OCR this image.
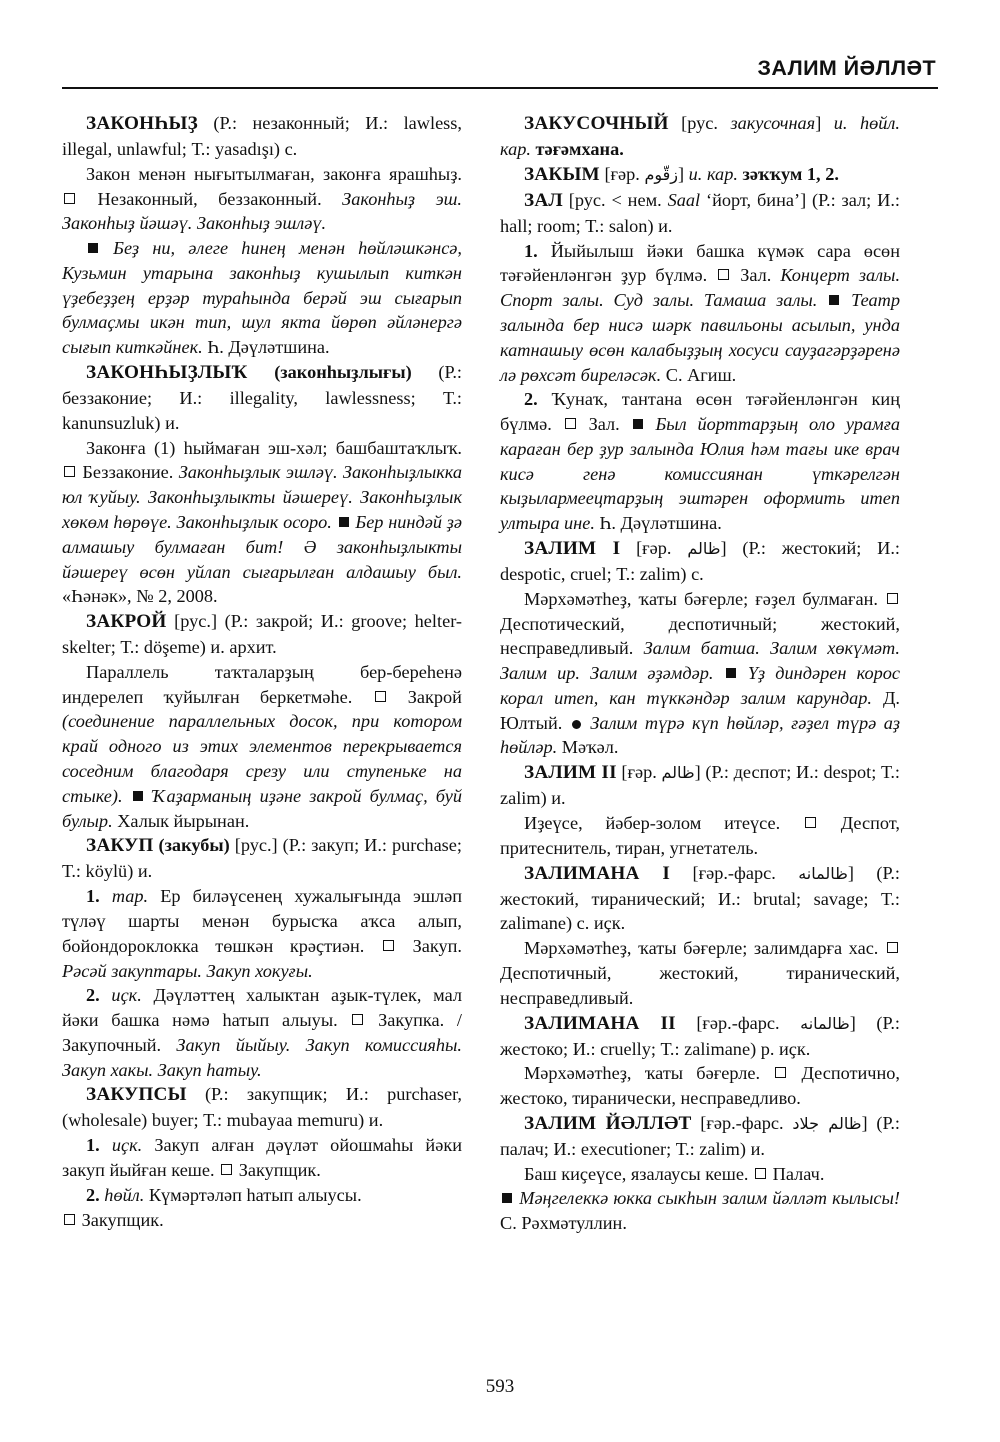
ЗАЛИМ ЙӘЛЛӘТ

ЗАКОНҺЫҘ (Р.: незаконный; И.: lawless, illegal, unlawful; Т.: yasadışı) с.

Закон менән нығытылмаған, законға ярашһыҙ.  Незаконный, беззаконный. Законһыҙ эш. Законһыҙ йәшәү. Законһыҙ эшләү.

Беҙ ни, әлеге һинең менән һөйләшкәнсә, Кузьмин утарына законһыҙ кушылып киткән үҙебеҙҙең ерҙәр тураһында берәй эш сығарып булмаҫмы икән тип, шул якта йөрөп әйләнергә сығып киткәйнек. Һ. Дәүләтшина.

ЗАКОНҺЫҘЛЫҠ (законһыҙлығы) (Р.: беззаконие; И.: illegality, lawlessness; Т.: kanunsuzluk) и.

Законға (1) һыймаған эш-хәл; башбаштаҡлыҡ.  Беззаконие. Законһыҙлык эшләү. Законһыҙлыкка юл ҡуйыу. Законһыҙлыкты йәшереү. Законһыҙлык хөкөм һөрөүе. Законһыҙлык осоро. Бер ниндәй ҙә алмашыу булмаған бит! Ә законһыҙлыкты йәшереү өсөн уйлап сығарылған алдашыу был. «Һәнәк», № 2, 2008.

ЗАКРОЙ [рус.] (Р.: закрой; И.: groove; helter-skelter; Т.: döşeme) и. архит.

Параллель таҡталарҙың бер-береһенә индерелеп ҡуйылған беркетмәһе.	Закрой (соединение параллельных досок, при котором край одного из этих элементов перекрывается соседним благодаря срезу или ступеньке на стыке). Ҡаҙарманың иҙәне закрой булмаҫ, буй булыр. Халык йырынан.

ЗАКУП (закубы) [рус.] (Р.: закуп; И.: purchase; Т.: köylü) и.

1. тар. Ер биләүсенең хужалығында эшләп түләү шарты менән бурысҡа аҡса алып, бойондороклокка төшкән крәҫтиән.	Закуп. Рәсәй закуптары. Закуп хокуғы.

2. иҫк. Дәүләттең халыктан аҙык-түлек, мал йәки башка нәмә һатып алыуы. Закупка. / Закупочный. Закуп йыйыу. Закуп комиссияһы. Закуп хакы. Закуп һатыу.

ЗАКУПСЫ (Р.: закупщик; И.: purchaser, (wholesale) buyer; Т.: mubayaa memuru) и.

1. иҫк. Закуп алған дәүләт ойошмаһы йәки закуп йыйған кеше. Закупщик.

2. һөйл. Күмәртәләп һатып алыусы.

Закупщик.

ЗАКУСОЧНЫЙ [рус. закусочная] и. һөйл. кар. тәғәмхана.

ЗАКЫМ [ғәр. زقّوم] и. кар. зәҡҡум 1, 2.

ЗАЛ [рус. < нем. Saal ‘йорт, бина’] (Р.: зал; И.: hall; room; Т.: salon) и.

1. Йыйылыш йәки башка күмәк сара өсөн тәғәйенләнгән ҙур бүлмә. Зал. Концерт залы. Спорт залы. Суд залы. Тамаша залы. Театр залында бер нисә шәрк павильоны асылып, унда катнашыу өсөн калабыҙҙың хосуси сауҙагәрҙәренә лә рөхсәт биреләсәк. С. Агиш.

2. Ҡунаҡ, тантана өсөн тәғәйенләнгән киң бүлмә. Зал. Был йорттарҙың оло урамға караған бер ҙур залында Юлия һәм тағы ике врач кисә генә комиссиянан үткәрелгән кыҙылармеецтарҙың эштәрен оформить итеп ултыра ине. Һ. Дәүләтшина.

ЗАЛИМ I [ғәр. ظالم] (Р.: жестокий; И.: despotic, cruel; Т.: zalim) с.

Мәрхәмәтһеҙ, ҡаты бәғерле; ғәҙел булмаған.  Деспотический, деспотичный; жестокий, несправедливый. Залим батша. Залим хөкүмәт. Залим ир. Залим әҙәмдәр. Үҙ диндәрен корос корал итеп, кан түккәндәр залим карундар. Д. Юлтый. Залим түрә күп һөйләр, ғәҙел түрә аҙ һөйләр. Мәҡәл.

ЗАЛИМ II [ғәр. ظالم] (Р.: деспот; И.: despot; Т.: zalim) и.

Иҙеүсе, йәбер-золом итеүсе.	Деспот, притеснитель, тиран, угнетатель.

ЗАЛИМАНА I [ғәр.-фарс. ظالمانه] (Р.: жестокий, тиранический; И.: brutal; savage; Т.: zalimane) с. иҫк.

Мәрхәмәтһеҙ, ҡаты бәғерле; залимдарға хас.  Деспотичный, жестокий, тиранический, несправедливый.

ЗАЛИМАНА II [ғәр.-фарс. ظالمانه] (Р.: жестоко; И.: cruelly; Т.: zalimane) р. иҫк.

Мәрхәмәтһеҙ, ҡаты бәғерле. Деспотично, жестоко, тиранически, несправедливо.

ЗАЛИМ ЙӘЛЛӘТ [ғәр.-фарс. ظالم جلاد] (Р.: палач; И.: executioner; Т.: zalim) и.

Баш киҫеүсе, язалаусы кеше. Палач.

Мәңгелеккә юкка сыкһын залим йәлләт кылысы! С. Рәхмәтуллин.

593
